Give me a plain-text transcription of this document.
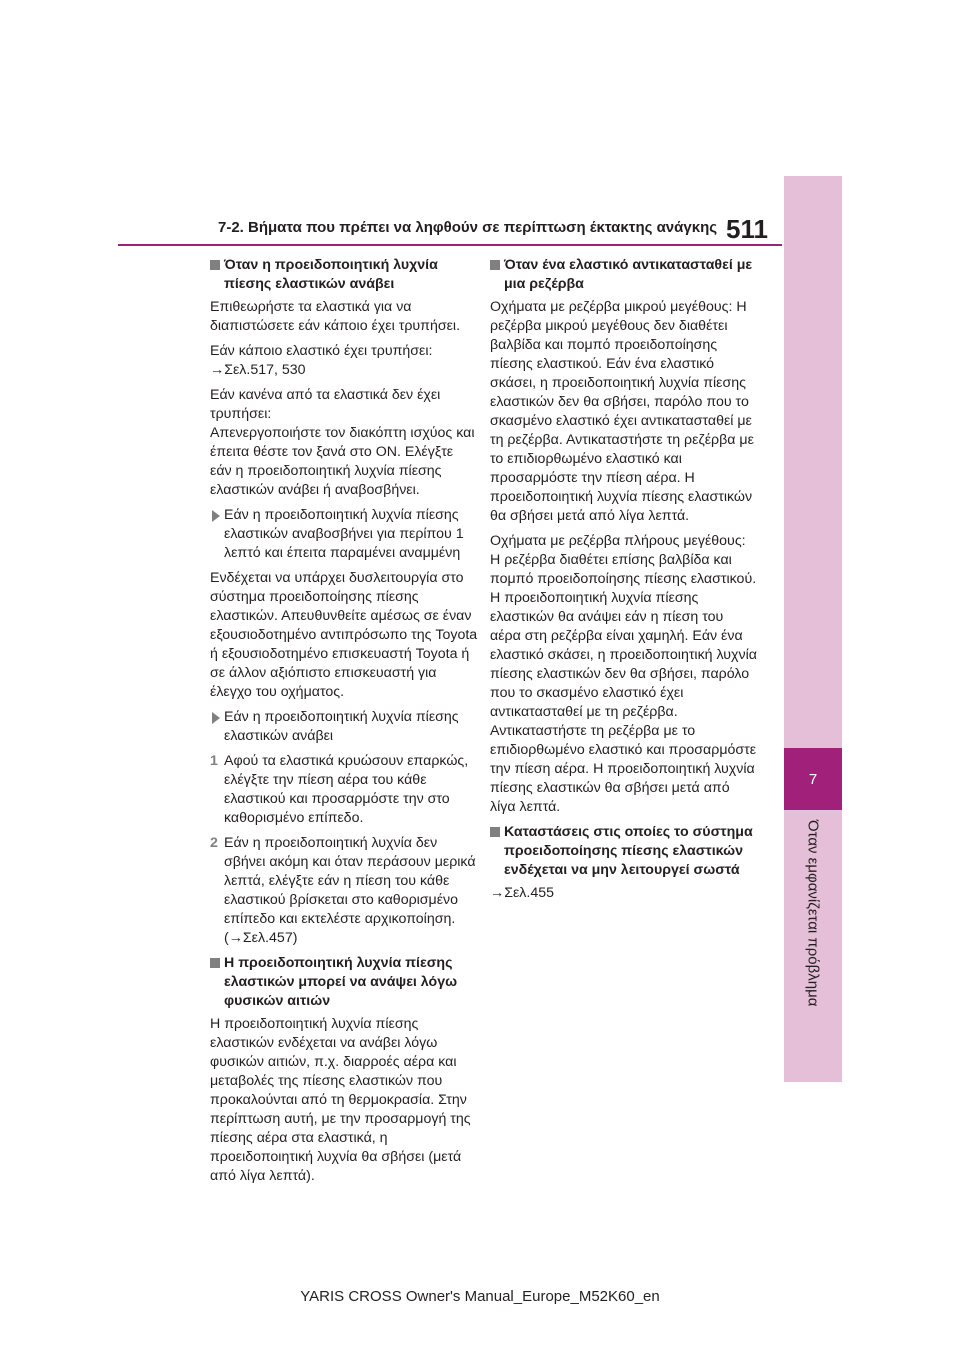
7-2. Βήματα που πρέπει να ληφθούν σε περίπτωση έκτακτης ανάγκης 511
7
Όταν εμφανίζεται πρόβλημα
Όταν η προειδοποιητική λυχνία πίεσης ελαστικών ανάβει

Επιθεωρήστε τα ελαστικά για να διαπιστώσετε εάν κάποιο έχει τρυπήσει.

Εάν κάποιο ελαστικό έχει τρυπήσει:
→Σελ.517, 530

Εάν κανένα από τα ελαστικά δεν έχει τρυπήσει:
Απενεργοποιήστε τον διακόπτη ισχύος και έπειτα θέστε τον ξανά στο ON. Ελέγξτε εάν η προειδοποιητική λυχνία πίεσης ελαστικών ανάβει ή αναβοσβήνει.

Εάν η προειδοποιητική λυχνία πίεσης ελαστικών αναβοσβήνει για περίπου 1 λεπτό και έπειτα παραμένει αναμμένη

Ενδέχεται να υπάρχει δυσλειτουργία στο σύστημα προειδοποίησης πίεσης ελαστικών. Απευθυνθείτε αμέσως σε έναν εξουσιοδοτημένο αντιπρόσωπο της Toyota ή εξουσιοδοτημένο επισκευαστή Toyota ή σε άλλον αξιόπιστο επισκευαστή για έλεγχο του οχήματος.

Εάν η προειδοποιητική λυχνία πίεσης ελαστικών ανάβει
1 Αφού τα ελαστικά κρυώσουν επαρκώς, ελέγξτε την πίεση αέρα του κάθε ελαστικού και προσαρμόστε την στο καθορισμένο επίπεδο.
2 Εάν η προειδοποιητική λυχνία δεν σβήνει ακόμη και όταν περάσουν μερικά λεπτά, ελέγξτε εάν η πίεση του κάθε ελαστικού βρίσκεται στο καθορισμένο επίπεδο και εκτελέστε αρχικοποίηση. (→Σελ.457)
Η προειδοποιητική λυχνία πίεσης ελαστικών μπορεί να ανάψει λόγω φυσικών αιτιών

Η προειδοποιητική λυχνία πίεσης ελαστικών ενδέχεται να ανάβει λόγω φυσικών αιτιών, π.χ. διαρροές αέρα και μεταβολές της πίεσης ελαστικών που προκαλούνται από τη θερμοκρασία. Στην περίπτωση αυτή, με την προσαρμογή της πίεσης αέρα στα ελαστικά, η προειδοποιητική λυχνία θα σβήσει (μετά από λίγα λεπτά).

Όταν ένα ελαστικό αντικατασταθεί με μια ρεζέρβα

Οχήματα με ρεζέρβα μικρού μεγέθους: Η ρεζέρβα μικρού μεγέθους δεν διαθέτει βαλβίδα και πομπό προειδοποίησης πίεσης ελαστικού. Εάν ένα ελαστικό σκάσει, η προειδοποιητική λυχνία πίεσης ελαστικών δεν θα σβήσει, παρόλο που το σκασμένο ελαστικό έχει αντικατασταθεί με τη ρεζέρβα. Αντικαταστήστε τη ρεζέρβα με το επιδιορθωμένο ελαστικό και προσαρμόστε την πίεση αέρα. Η προειδοποιητική λυχνία πίεσης ελαστικών θα σβήσει μετά από λίγα λεπτά.

Οχήματα με ρεζέρβα πλήρους μεγέθους: Η ρεζέρβα διαθέτει επίσης βαλβίδα και πομπό προειδοποίησης πίεσης ελαστικού. Η προειδοποιητική λυχνία πίεσης ελαστικών θα ανάψει εάν η πίεση του αέρα στη ρεζέρβα είναι χαμηλή. Εάν ένα ελαστικό σκάσει, η προειδοποιητική λυχνία πίεσης ελαστικών δεν θα σβήσει, παρόλο που το σκασμένο ελαστικό έχει αντικατασταθεί με τη ρεζέρβα. Αντικαταστήστε τη ρεζέρβα με το επιδιορθωμένο ελαστικό και προσαρμόστε την πίεση αέρα. Η προειδοποιητική λυχνία πίεσης ελαστικών θα σβήσει μετά από λίγα λεπτά.

Καταστάσεις στις οποίες το σύστημα προειδοποίησης πίεσης ελαστικών ενδέχεται να μην λειτουργεί σωστά

→Σελ.455

YARIS CROSS Owner's Manual_Europe_M52K60_en
